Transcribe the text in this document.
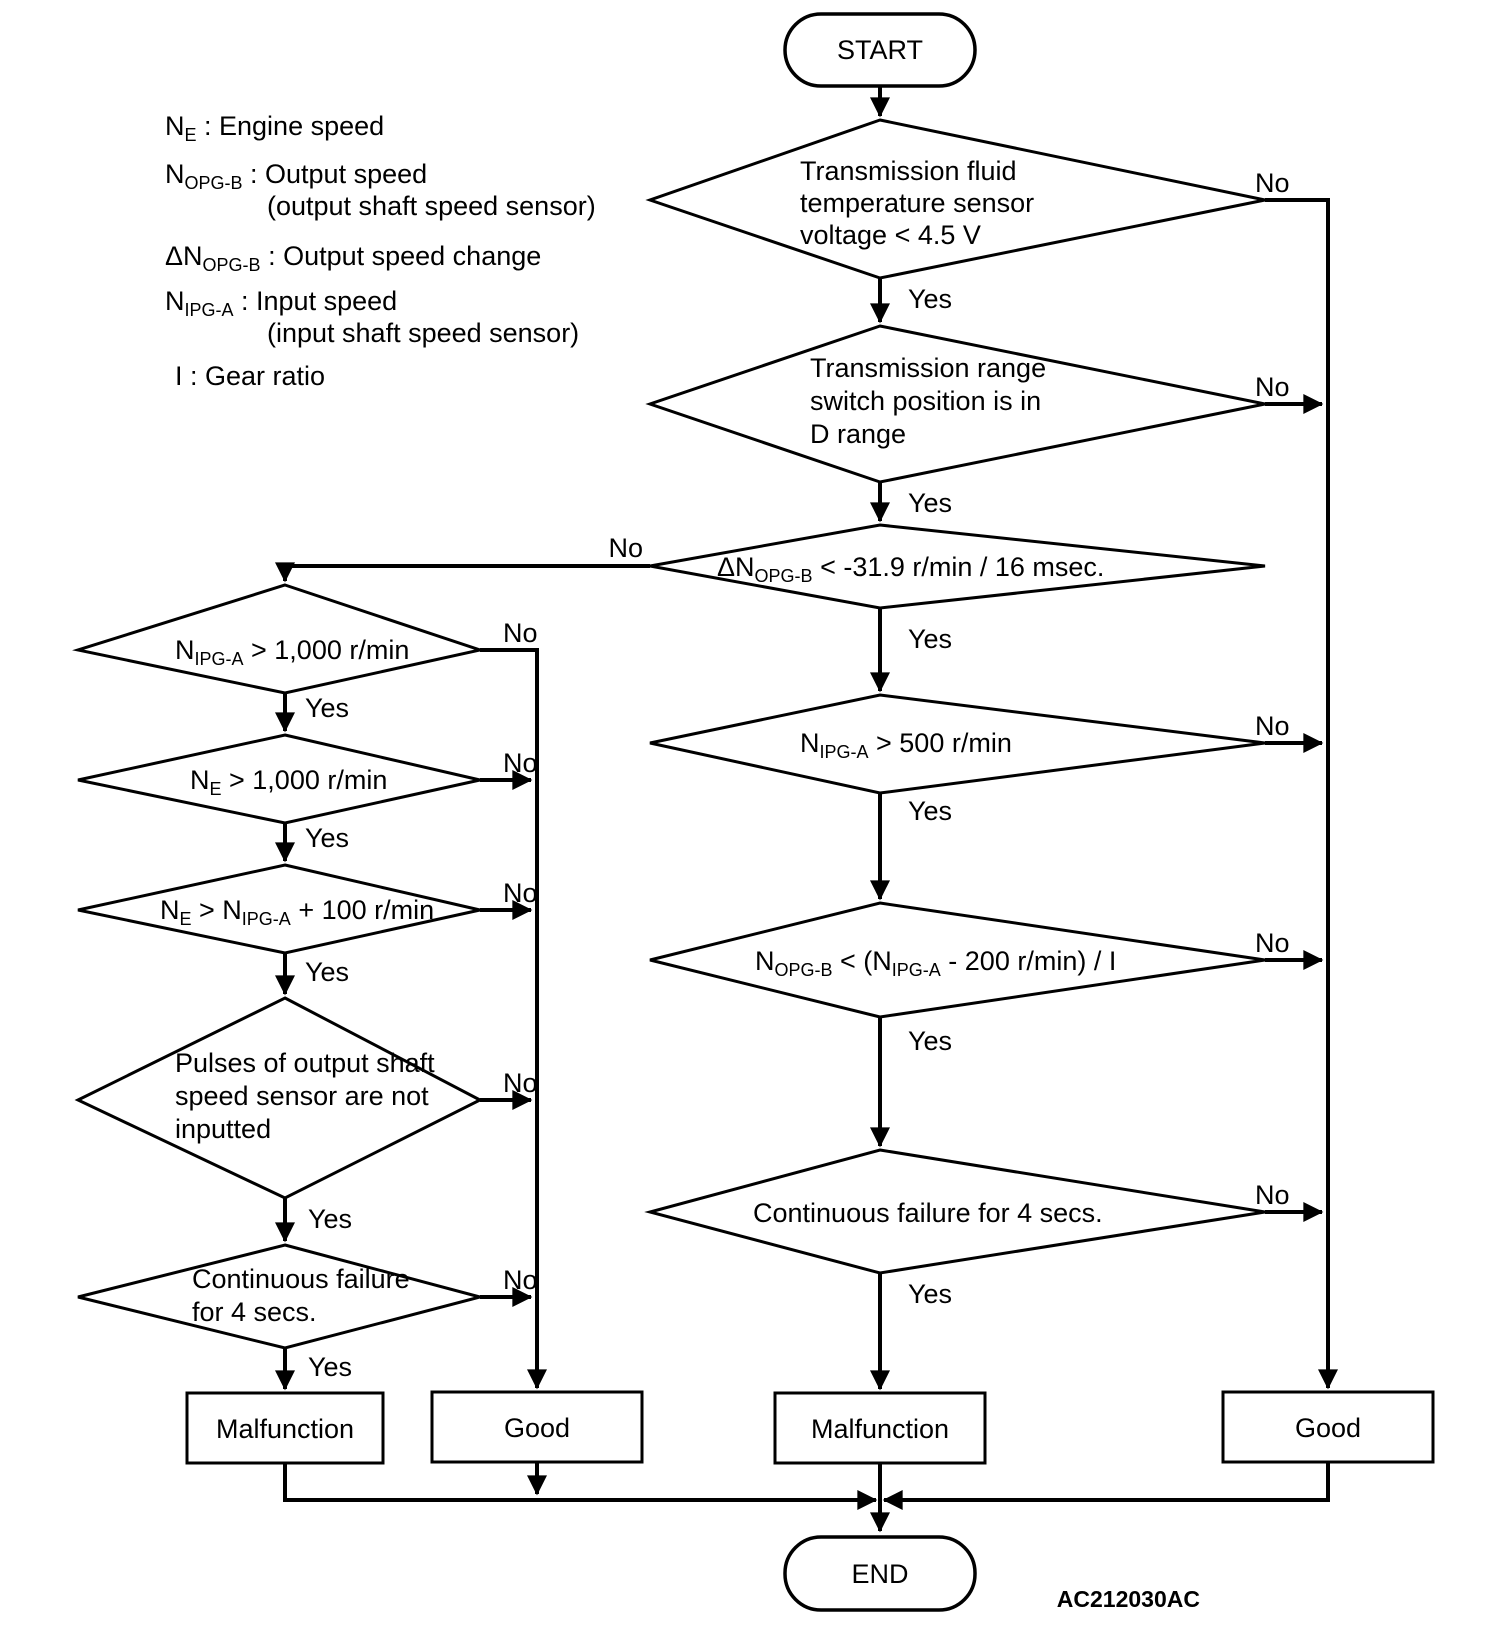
START
END
Transmission fluid
temperature sensor
voltage < 4.5 V
Transmission range
switch position is in
D range
$\Delta N_{OPG-B} < -31.9$ r/min / 16 msec.
$N_{IPG-A} > 500$ r/min
$N_{OPG-B} < (N_{IPG-A} - 200$ r/min) / I
Continuous failure for 4 secs.
$N_{IPG-A} > 1,000$ r/min
$N_E > 1,000$ r/min
$N_E > N_{IPG-A} + 100$ r/min
Pulses of output shaft
speed sensor are not
inputted
Continuous failure
for 4 secs.
Malfunction	Good	Malfunction	Good
Yes
No
Yes
No
Yes
No
Yes
No
Yes
No
Yes
No
Yes
No
Yes
No
Yes
No
Yes
No
Yes
No
$N_E$ : Engine speed
$N_{OPG-B}$ : Output speed
(output shaft speed sensor)
$\Delta N_{OPG-B}$ : Output speed change
$N_{IPG-A}$ : Input speed
(input shaft speed sensor)
I : Gear ratio
AC212030AC
